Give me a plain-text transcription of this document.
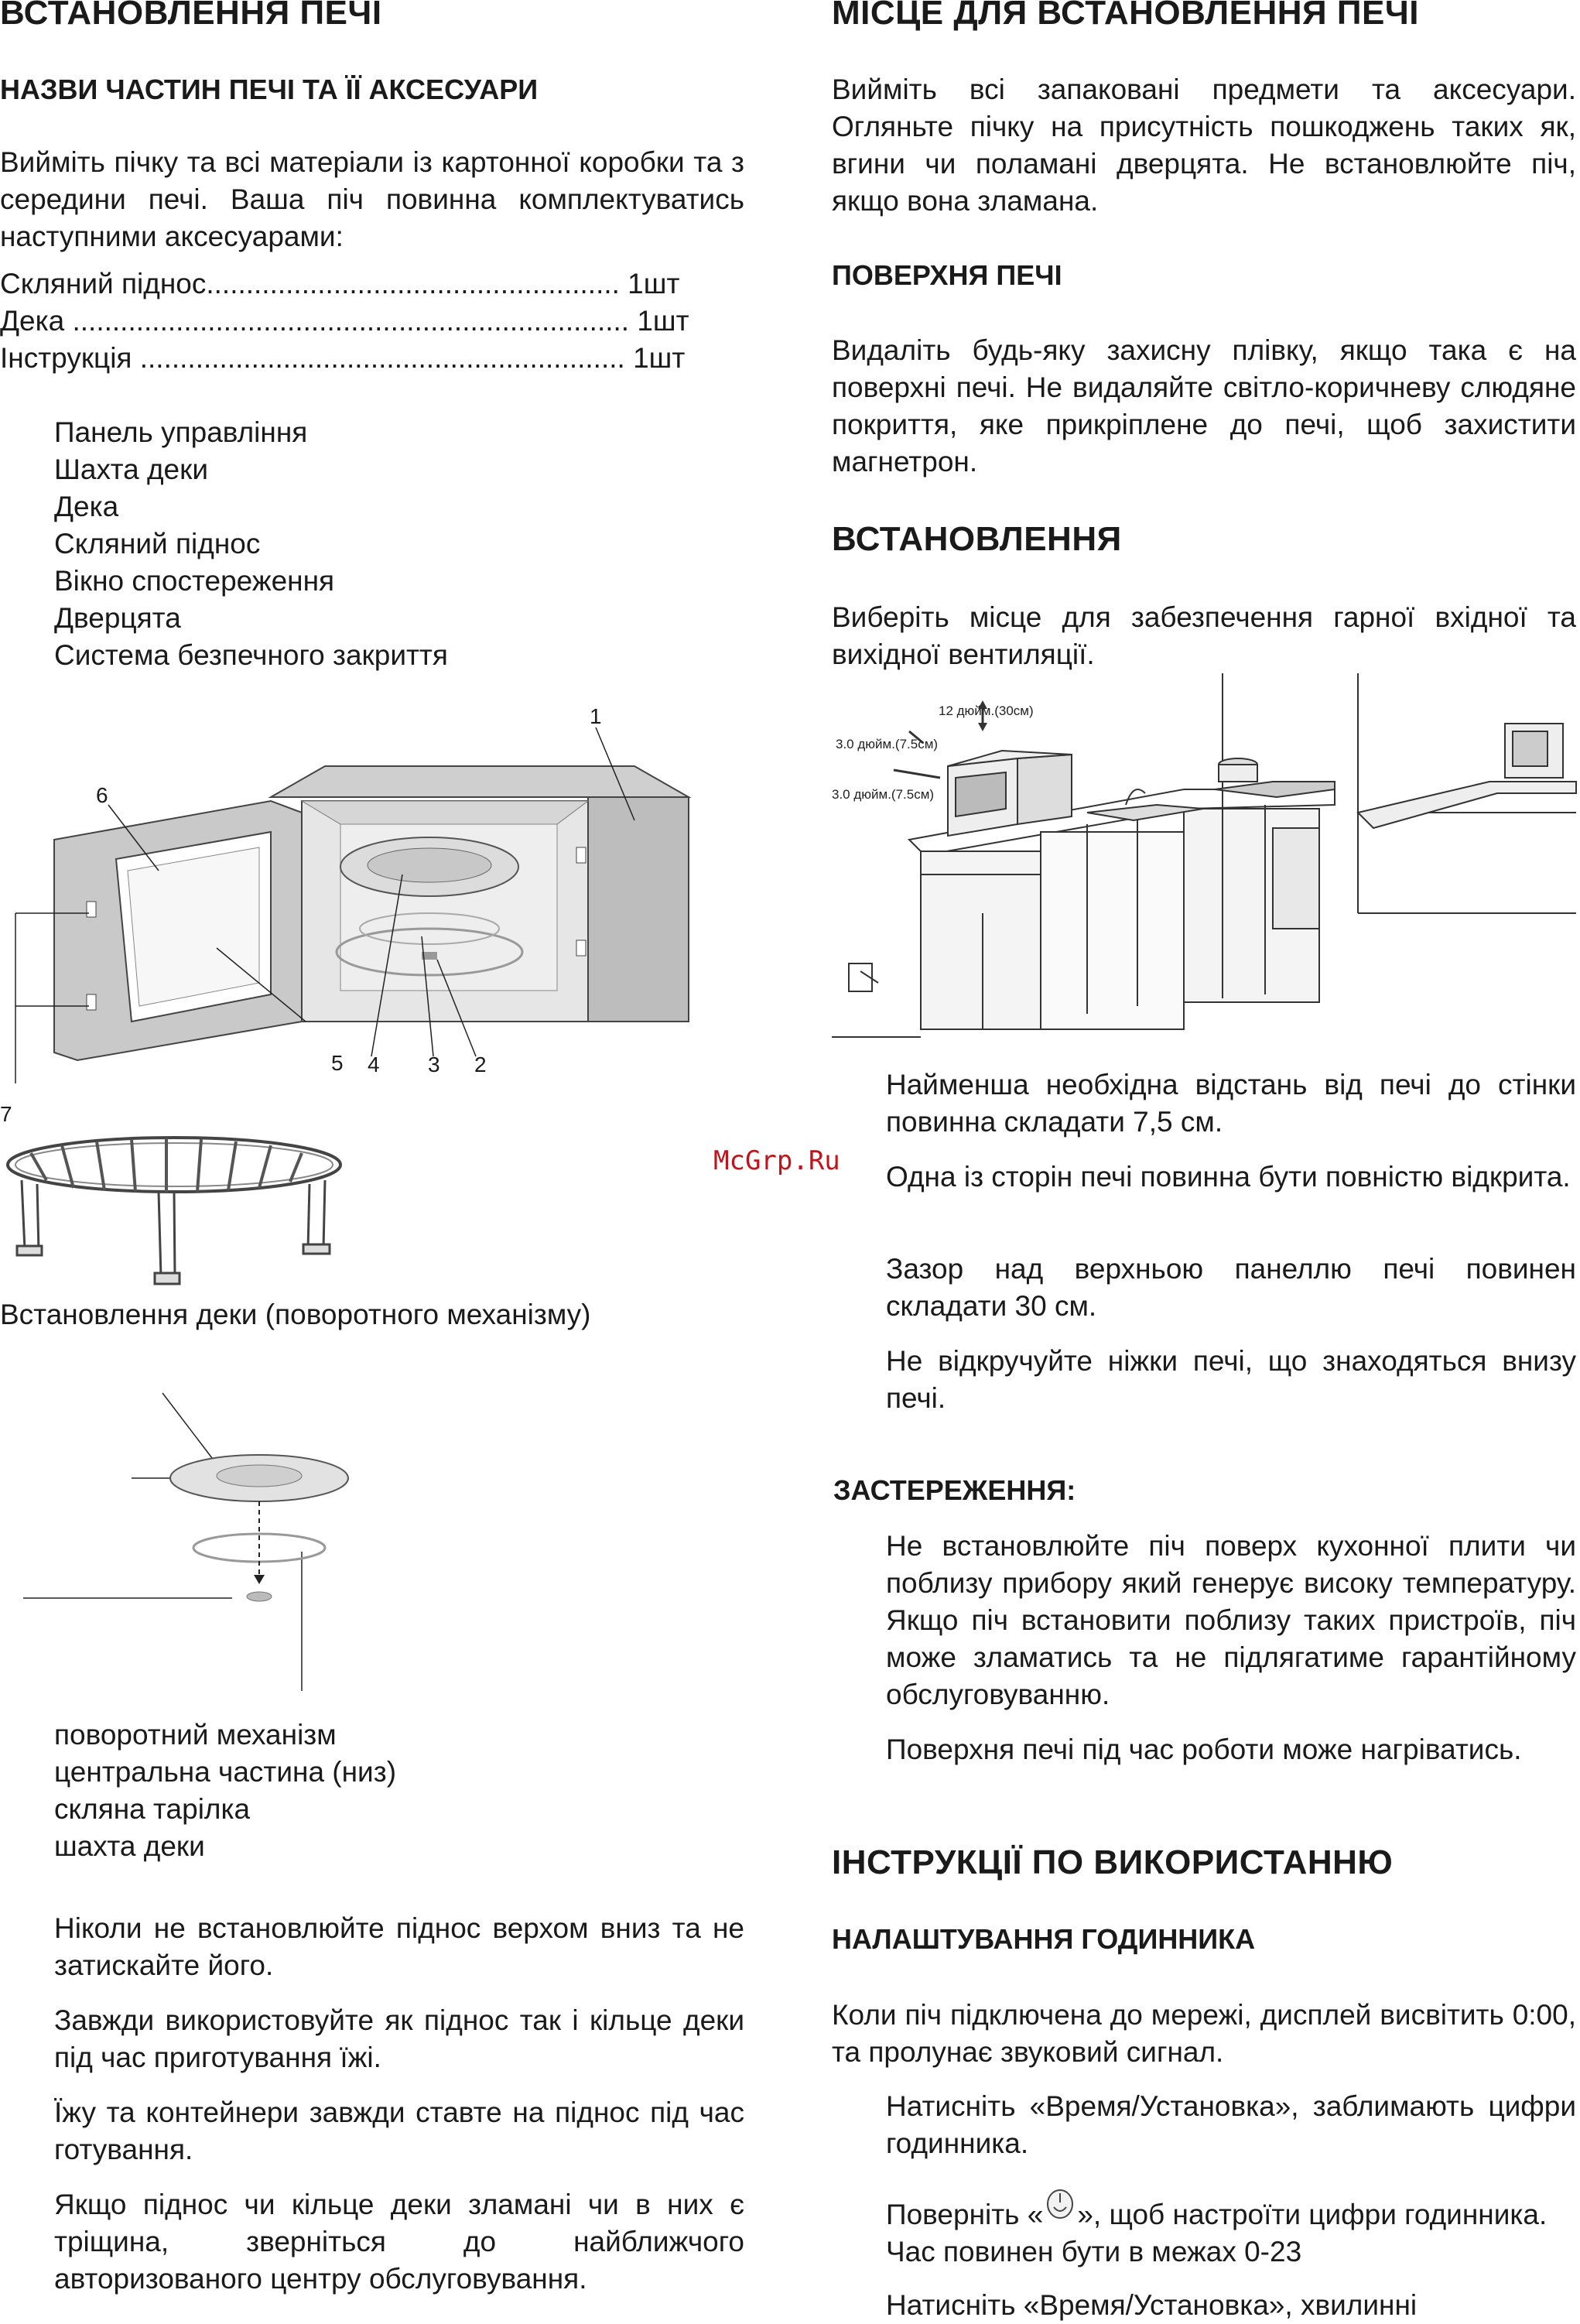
ВСТАНОВЛЕННЯ ПЕЧІ
НАЗВИ ЧАСТИН ПЕЧІ ТА ЇЇ АКСЕСУАРИ
Вийміть пічку та всі матеріали із картонної коробки та з середини печі. Ваша піч повинна комплектуватись наступними аксесуарами:
Скляний піднос.................................................... 1шт
Дека ...................................................................... 1шт
Інструкція ............................................................. 1шт
Панель управління
Шахта деки
Дека
Скляний піднос
Вікно спостереження
Дверцята
Система безпечного закриття
1
6
5 4 3 2
7
Встановлення деки (поворотного механізму)
поворотний механізм
центральна частина (низ)
скляна тарілка
шахта деки
Ніколи не встановлюйте піднос верхом вниз та не затискайте його.
Завжди використовуйте як піднос так і кільце деки під час приготування їжі.
Їжу та контейнери завжди ставте на піднос під час готування.
Якщо піднос чи кільце деки зламані чи в них є тріщина, зверніться до найближчого авторизованого центру обслуговування.
McGrp.Ru
МІСЦЕ ДЛЯ ВСТАНОВЛЕННЯ ПЕЧІ
Вийміть всі запаковані предмети та аксесуари. Огляньте пічку на присутність пошкоджень таких як, вгини чи поламані дверцята. Не встановлюйте піч, якщо вона зламана.
ПОВЕРХНЯ ПЕЧІ
Видаліть будь-яку захисну плівку, якщо така є на поверхні печі. Не видаляйте світло-коричневу слюдяне покриття, яке прикріплене до печі, щоб захистити магнетрон.
ВСТАНОВЛЕННЯ
Виберіть місце для забезпечення гарної вхідної та вихідної вентиляції.
12 дюйм.(30см)
3.0 дюйм.(7.5см)
3.0 дюйм.(7.5см)
Найменша необхідна відстань від печі до стінки повинна складати 7,5 см.
Одна із сторін печі повинна бути повністю відкрита.
Зазор над верхньою панеллю печі повинен складати 30 см.
Не відкручуйте ніжки печі, що знаходяться внизу печі.
ЗАСТЕРЕЖЕННЯ:
Не встановлюйте піч поверх кухонної плити чи поблизу прибору який генерує високу температуру. Якщо піч встановити поблизу таких пристроїв, піч може зламатись та не підлягатиме гарантійному обслуговуванню.
Поверхня печі під час роботи може нагріватись.
ІНСТРУКЦІЇ ПО ВИКОРИСТАННЮ
НАЛАШТУВАННЯ ГОДИННИКА
Коли піч підключена до мережі, дисплей висвітить 0:00, та пролунає звуковий сигнал.
Натисніть «Время/Установка», заблимають цифри годинника.
Поверніть « », щоб настроїти цифри годинника.
Час повинен бути в межах 0-23
Натисніть «Время/Установка», хвилинні
